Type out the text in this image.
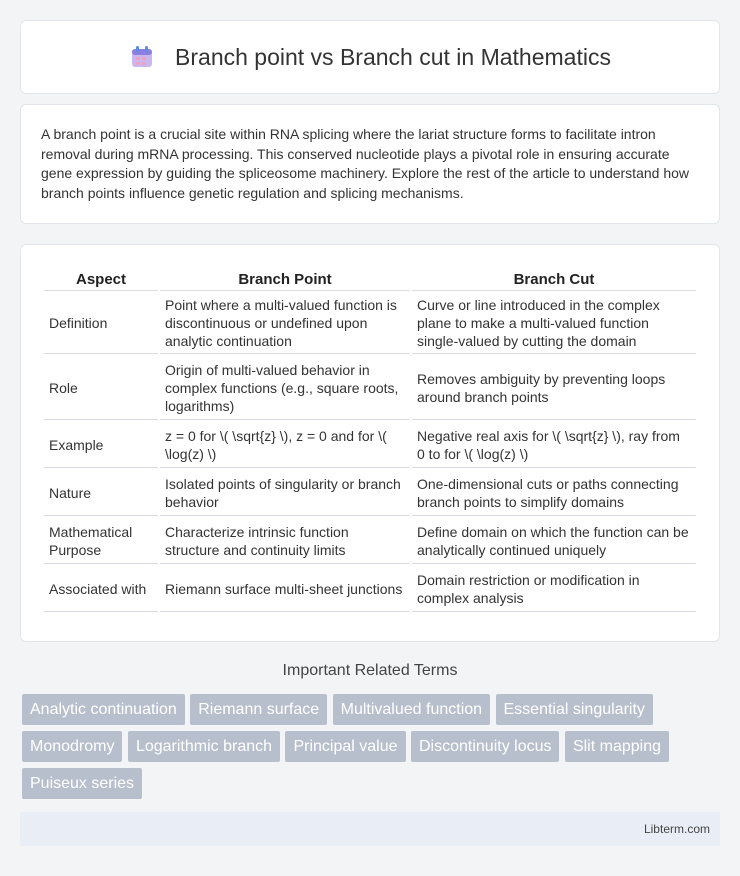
Branch point vs Branch cut in Mathematics

A branch point is a crucial site within RNA splicing where the lariat structure forms to facilitate intron removal during mRNA processing. This conserved nucleotide plays a pivotal role in ensuring accurate gene expression by guiding the spliceosome machinery. Explore the rest of the article to understand how branch points influence genetic regulation and splicing mechanisms.

Aspect	Branch Point	Branch Cut
Definition	Point where a multi-valued function is discontinuous or undefined upon analytic continuation	Curve or line introduced in the complex plane to make a multi-valued function single-valued by cutting the domain
Role	Origin of multi-valued behavior in complex functions (e.g., square roots, logarithms)	Removes ambiguity by preventing loops around branch points
Example	z = 0 for \( \sqrt{z} \), z = 0 and for \( \log(z) \)	Negative real axis for \( \sqrt{z} \), ray from 0 to for \( \log(z) \)
Nature	Isolated points of singularity or branch behavior	One-dimensional cuts or paths connecting branch points to simplify domains
Mathematical Purpose	Characterize intrinsic function structure and continuity limits	Define domain on which the function can be analytically continued uniquely
Associated with	Riemann surface multi-sheet junctions	Domain restriction or modification in complex analysis
Important Related Terms
Analytic continuation Riemann surface Multivalued function Essential singularity Monodromy Logarithmic branch Principal value Discontinuity locus Slit mapping Puiseux series
Libterm.com
